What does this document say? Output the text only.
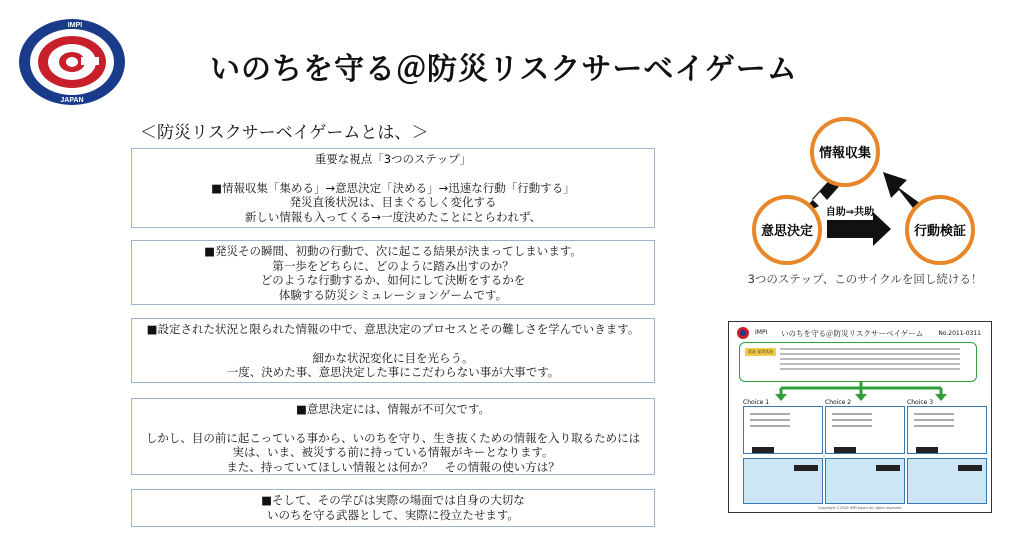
IMPI
JAPAN
いのちを守る＠防災リスクサーベイゲーム
＜防災リスクサーベイゲームとは、＞
重要な視点「3つのステップ」
■情報収集「集める」→意思決定「決める」→迅速な行動「行動する」
発災直後状況は、目まぐるしく変化する
新しい情報も入ってくる→一度決めたことにとらわれず、
■発災その瞬間、初動の行動で、次に起こる結果が決まってしまいます。
第一歩をどちらに、どのように踏み出すのか？
どのような行動するか、如何にして決断をするかを
体験する防災シミュレーションゲームです。
■設定された状況と限られた情報の中で、意思決定のプロセスとその難しさを学んでいきます。
細かな状況変化に目を光らう。
一度、決めた事、意思決定した事にこだわらない事が大事です。
■意思決定には、情報が不可欠です。
しかし、目の前に起こっている事から、いのちを守り、生き抜くための情報を入り取るためには
実は、いま、被災する前に持っている情報がキーとなります。
また、持っていてほしい情報とは何か？　その情報の使い方は？
■そして、その学びは実際の場面では自身の大切な
いのちを守る武器として、実際に役立たせます。
情報収集
意思決定	行動検証
自助⇒共助
3つのステップ、このサイクルを回し続ける！
IMPI いのちを守る＠防災リスクサーベイゲーム	No.2011-0311
状況 発災状況
Choice 1	Choice 2	Choice 3
Copyright ©2016 IMPI Japan All rights reserved.
